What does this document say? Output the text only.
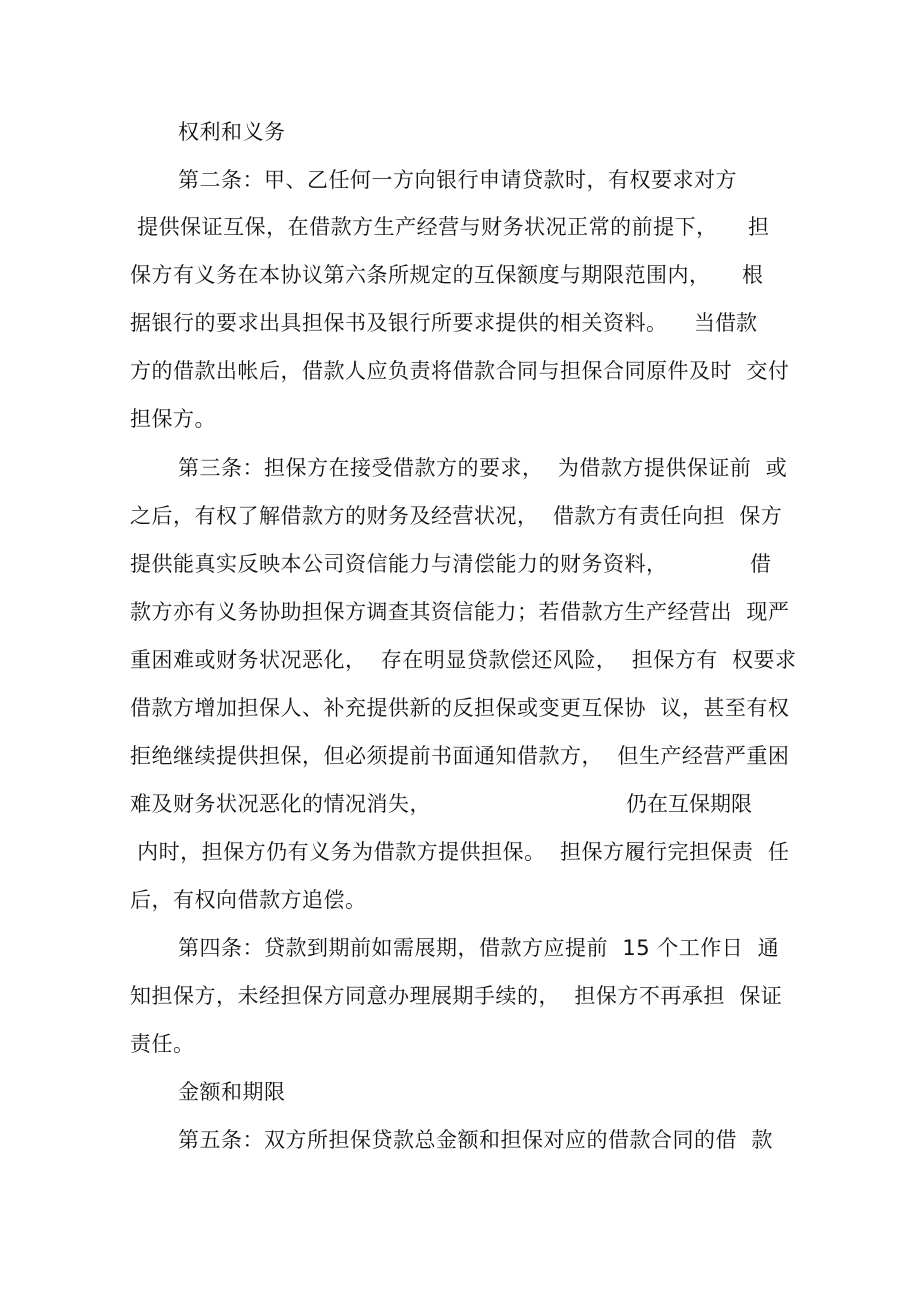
权利和义务
第二条：甲、乙任何一方向银行申请贷款时，有权要求对方
提供保证互保，在借款方生产经营与财务状况正常的前提下， 担
保方有义务在本协议第六条所规定的互保额度与期限范围内， 根
据银行的要求出具担保书及银行所要求提供的相关资料。 当借款
方的借款出帐后，借款人应负责将借款合同与担保合同原件及时  交付
担保方。
第三条：担保方在接受借款方的要求，  为借款方提供保证前  或
之后，有权了解借款方的财务及经营状况，  借款方有责任向担  保方
提供能真实反映本公司资信能力与清偿能力的财务资料，	借
款方亦有义务协助担保方调查其资信能力；若借款方生产经营出  现严
重困难或财务状况恶化，  存在明显贷款偿还风险，  担保方有  权要求
借款方增加担保人、补充提供新的反担保或变更互保协  议，甚至有权
拒绝继续提供担保，但必须提前书面通知借款方，  但生产经营严重困
难及财务状况恶化的情况消失，	仍在互保期限
内时，担保方仍有义务为借款方提供担保。  担保方履行完担保责  任
后，有权向借款方追偿。
第四条：贷款到期前如需展期，借款方应提前  15 个工作日  通
知担保方，未经担保方同意办理展期手续的，  担保方不再承担  保证
责任。
金额和期限
第五条：双方所担保贷款总金额和担保对应的借款合同的借  款
